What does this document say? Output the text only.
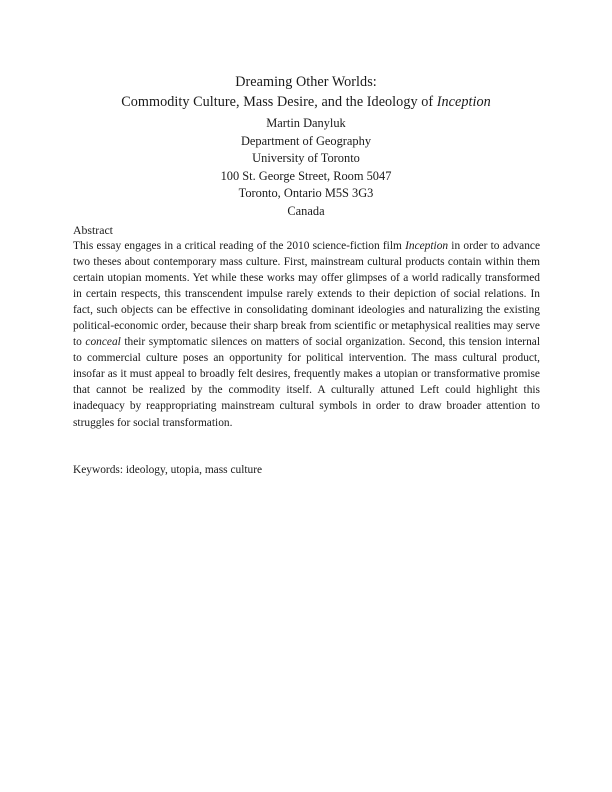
Dreaming Other Worlds:
Commodity Culture, Mass Desire, and the Ideology of Inception
Martin Danyluk
Department of Geography
University of Toronto
100 St. George Street, Room 5047
Toronto, Ontario M5S 3G3
Canada

Abstract

This essay engages in a critical reading of the 2010 science-fiction film Inception in order to advance two theses about contemporary mass culture. First, mainstream cultural products contain within them certain utopian moments. Yet while these works may offer glimpses of a world radically transformed in certain respects, this transcendent impulse rarely extends to their depiction of social relations. In fact, such objects can be effective in consolidating dominant ideologies and naturalizing the existing political-economic order, because their sharp break from scientific or metaphysical realities may serve to conceal their symptomatic silences on matters of social organization. Second, this tension internal to commercial culture poses an opportunity for political intervention. The mass cultural product, insofar as it must appeal to broadly felt desires, frequently makes a utopian or transformative promise that cannot be realized by the commodity itself. A culturally attuned Left could highlight this inadequacy by reappropriating mainstream cultural symbols in order to draw broader attention to struggles for social transformation.

Keywords: ideology, utopia, mass culture
